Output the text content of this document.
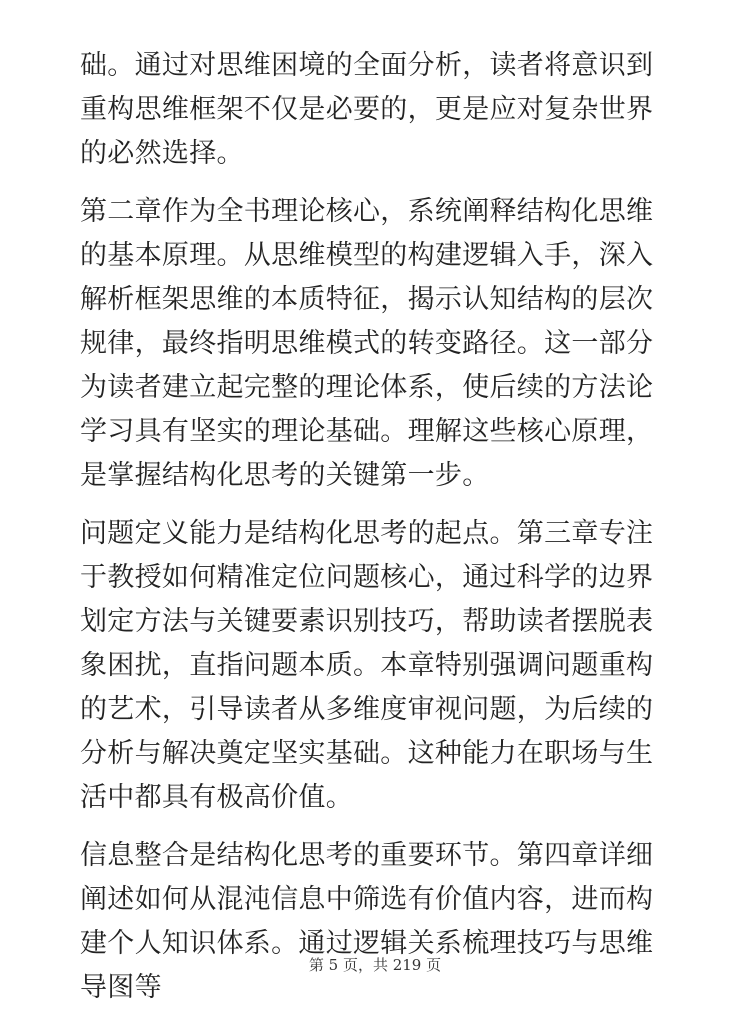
础。通过对思维困境的全面分析，读者将意识到重构思维框架不仅是必要的，更是应对复杂世界的必然选择。

第二章作为全书理论核心，系统阐释结构化思维的基本原理。从思维模型的构建逻辑入手，深入解析框架思维的本质特征，揭示认知结构的层次规律，最终指明思维模式的转变路径。这一部分为读者建立起完整的理论体系，使后续的方法论学习具有坚实的理论基础。理解这些核心原理，是掌握结构化思考的关键第一步。

问题定义能力是结构化思考的起点。第三章专注于教授如何精准定位问题核心，通过科学的边界划定方法与关键要素识别技巧，帮助读者摆脱表象困扰，直指问题本质。本章特别强调问题重构的艺术，引导读者从多维度审视问题，为后续的分析与解决奠定坚实基础。这种能力在职场与生活中都具有极高价值。

信息整合是结构化思考的重要环节。第四章详细阐述如何从混沌信息中筛选有价值内容，进而构建个人知识体系。通过逻辑关系梳理技巧与思维导图等

第 5 页，共 219 页
